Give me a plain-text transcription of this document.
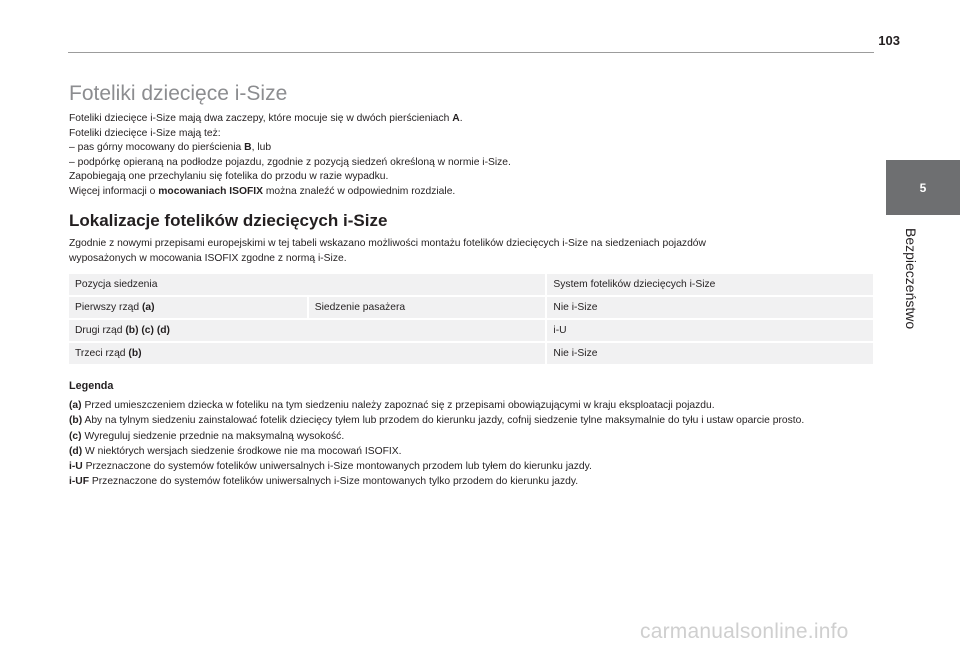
103
5
Bezpieczeństwo
Foteliki dziecięce i-Size

Foteliki dziecięce i-Size mają dwa zaczepy, które mocuje się w dwóch pierścieniach A.

Foteliki dziecięce i-Size mają też:

– pas górny mocowany do pierścienia B, lub

– podpórkę opieraną na podłodze pojazdu, zgodnie z pozycją siedzeń określoną w normie i-Size.

Zapobiegają one przechylaniu się fotelika do przodu w razie wypadku.

Więcej informacji o mocowaniach ISOFIX można znaleźć w odpowiednim rozdziale.

Lokalizacje fotelików dziecięcych i-Size

Zgodnie z nowymi przepisami europejskimi w tej tabeli wskazano możliwości montażu fotelików dziecięcych i-Size na siedzeniach pojazdów
wyposażonych w mocowania ISOFIX zgodne z normą i-Size.

Pozycja siedzenia		System fotelików dziecięcych i-Size
Pierwszy rząd (a)	Siedzenie pasażera	Nie i-Size
Drugi rząd (b) (c) (d)		i-U
Trzeci rząd (b)		Nie i-Size
Legenda

(a) Przed umieszczeniem dziecka w foteliku na tym siedzeniu należy zapoznać się z przepisami obowiązującymi w kraju eksploatacji pojazdu.

(b) Aby na tylnym siedzeniu zainstalować fotelik dziecięcy tyłem lub przodem do kierunku jazdy, cofnij siedzenie tylne maksymalnie do tyłu i ustaw oparcie prosto.

(c) Wyreguluj siedzenie przednie na maksymalną wysokość.

(d) W niektórych wersjach siedzenie środkowe nie ma mocowań ISOFIX.

i-U Przeznaczone do systemów fotelików uniwersalnych i-Size montowanych przodem lub tyłem do kierunku jazdy.

i-UF Przeznaczone do systemów fotelików uniwersalnych i-Size montowanych tylko przodem do kierunku jazdy.

carmanualsonline.info
